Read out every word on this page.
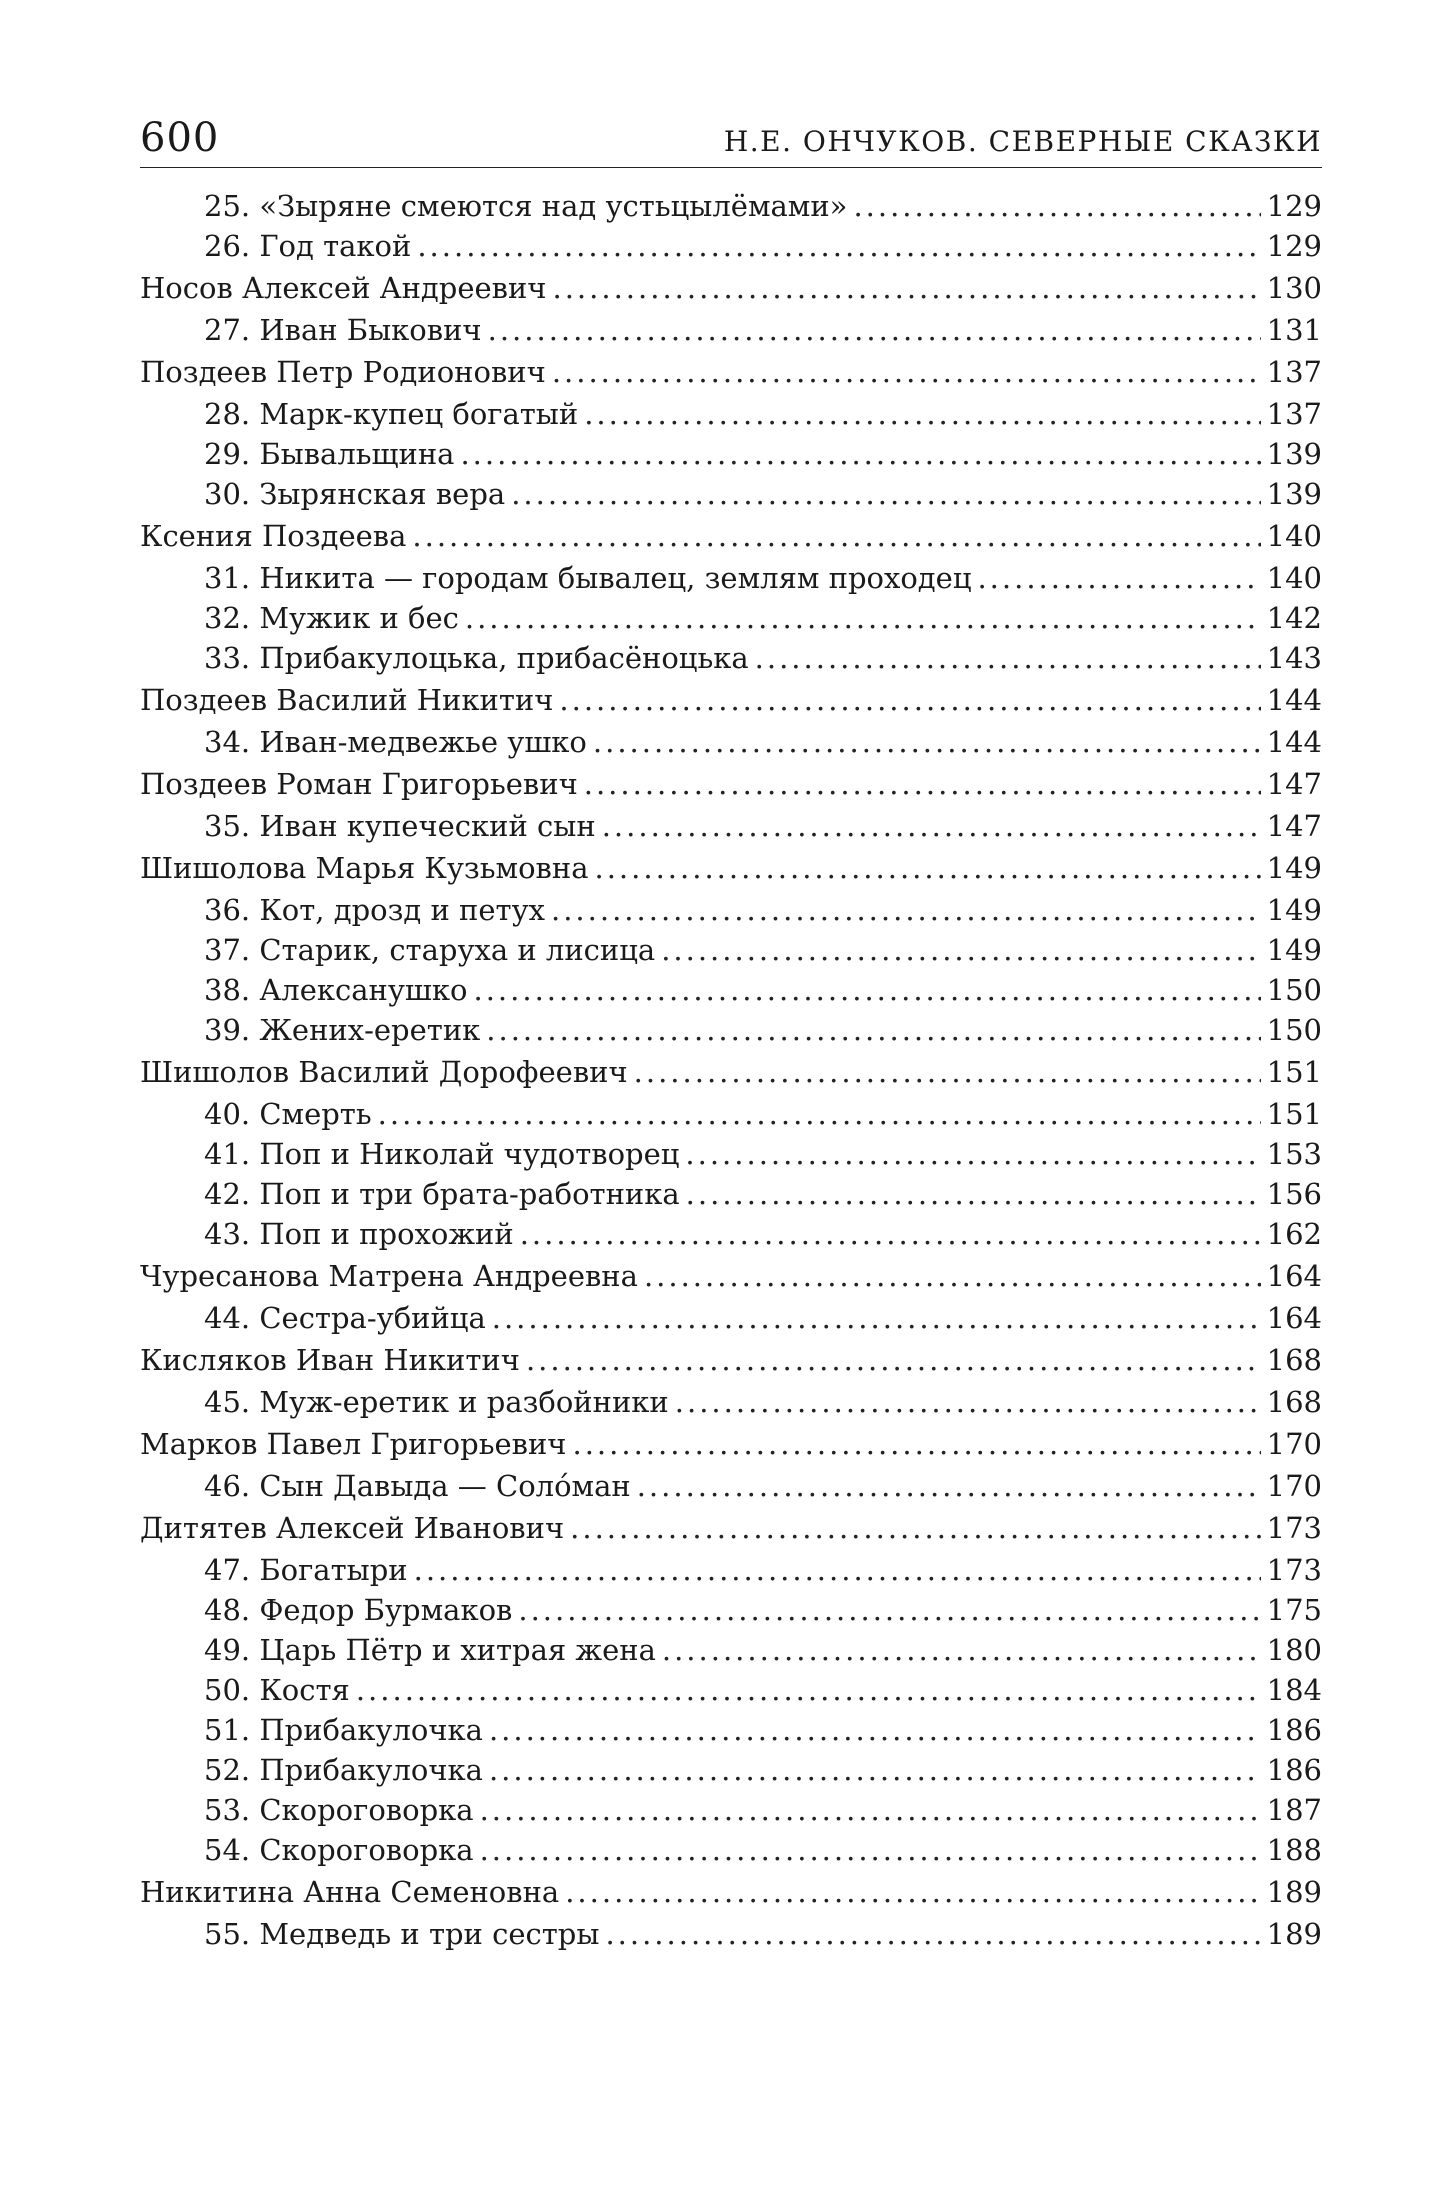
600	Н.Е. ОНЧУКОВ. СЕВЕРНЫЕ СКАЗКИ
25. «Зыряне смеются над устьцылёмами» .....	129
26. Год такой .....	129
Носов Алексей Андреевич .....	130
27. Иван Быкович .....	131
Поздеев Петр Родионович .....	137
28. Марк-купец богатый .....	137
29. Бывальщина .....	139
30. Зырянская вера .....	139
Ксения Поздеева .....	140
31. Никита — городам бывалец, землям проходец .....	140
32. Мужик и бес .....	142
33. Прибакулоцька, прибасёноцька .....	143
Поздеев Василий Никитич .....	144
34. Иван-медвежье ушко .....	144
Поздеев Роман Григорьевич .....	147
35. Иван купеческий сын .....	147
Шишолова Марья Кузьмовна .....	149
36. Кот, дрозд и петух .....	149
37. Старик, старуха и лисица .....	149
38. Алексанушко .....	150
39. Жених-еретик .....	150
Шишолов Василий Дорофеевич .....	151
40. Смерть .....	151
41. Поп и Николай чудотворец .....	153
42. Поп и три брата-работника .....	156
43. Поп и прохожий .....	162
Чуресанова Матрена Андреевна .....	164
44. Сестра-убийца .....	164
Кисляков Иван Никитич .....	168
45. Муж-еретик и разбойники .....	168
Марков Павел Григорьевич .....	170
46. Сын Давыда — Соло́ман .....	170
Дитятев Алексей Иванович .....	173
47. Богатыри .....	173
48. Федор Бурмаков .....	175
49. Царь Пётр и хитрая жена .....	180
50. Костя .....	184
51. Прибакулочка .....	186
52. Прибакулочка .....	186
53. Скороговорка .....	187
54. Скороговорка .....	188
Никитина Анна Семеновна .....	189
55. Медведь и три сестры .....	189
